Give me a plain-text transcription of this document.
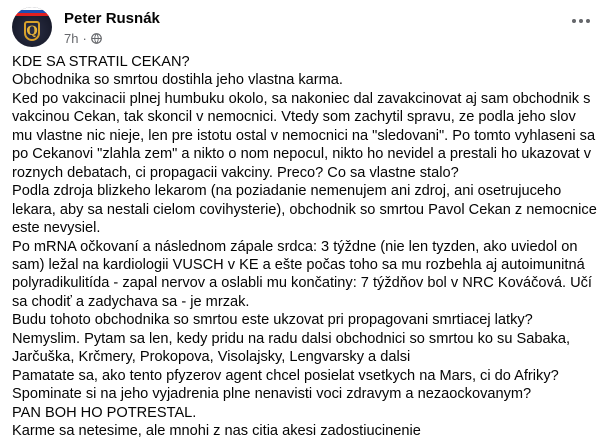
Q
Peter Rusnák
7h ·

KDE SA STRATIL CEKAN?

Obchodnika so smrtou dostihla jeho vlastna karma.

Ked po vakcinacii plnej humbuku okolo, sa nakoniec dal zavakcinovat aj sam obchodnik s vakcinou Cekan, tak skoncil v nemocnici. Vtedy som zachytil spravu, ze podla jeho slov mu vlastne nic nieje, len pre istotu ostal v nemocnici na "sledovani". Po tomto vyhlaseni sa po Cekanovi "zlahla zem" a nikto o nom nepocul, nikto ho nevidel a prestali ho ukazovat v roznych debatach, ci propagacii vakciny. Preco? Co sa vlastne stalo?

Podla zdroja blizkeho lekarom (na poziadanie nemenujem ani zdroj, ani osetrujuceho lekara, aby sa nestali cielom covihysterie), obchodnik so smrtou Pavol Cekan z nemocnice este nevysiel.

Po mRNA očkovaní a následnom zápale srdca: 3 týždne (nie len tyzden, ako uviedol on sam) ležal na kardiologii VUSCH v KE a ešte počas toho sa mu rozbehla aj autoimunitná polyradikulitída - zapal nervov a oslabli mu končatiny: 7 týždňov bol v NRC Kováčová. Učí sa chodiť a zadychava sa - je mrzak.

Budu tohoto obchodnika so smrtou este ukzovat pri propagovani smrtiacej latky?

Nemyslim. Pytam sa len, kedy pridu na radu dalsi obchodnici so smrtou ko su Sabaka, Jarčuška, Krčmery, Prokopova, Visolajsky, Lengvarsky a dalsi

Pamatate sa, ako tento pfyzerov agent chcel posielat vsetkych na Mars, ci do Afriky?

Spominate si na jeho vyjadrenia plne nenavisti voci zdravym a nezaockovanym?

PAN BOH HO POTRESTAL.

Karme sa netesime, ale mnohi z nas citia akesi zadostiucinenie
